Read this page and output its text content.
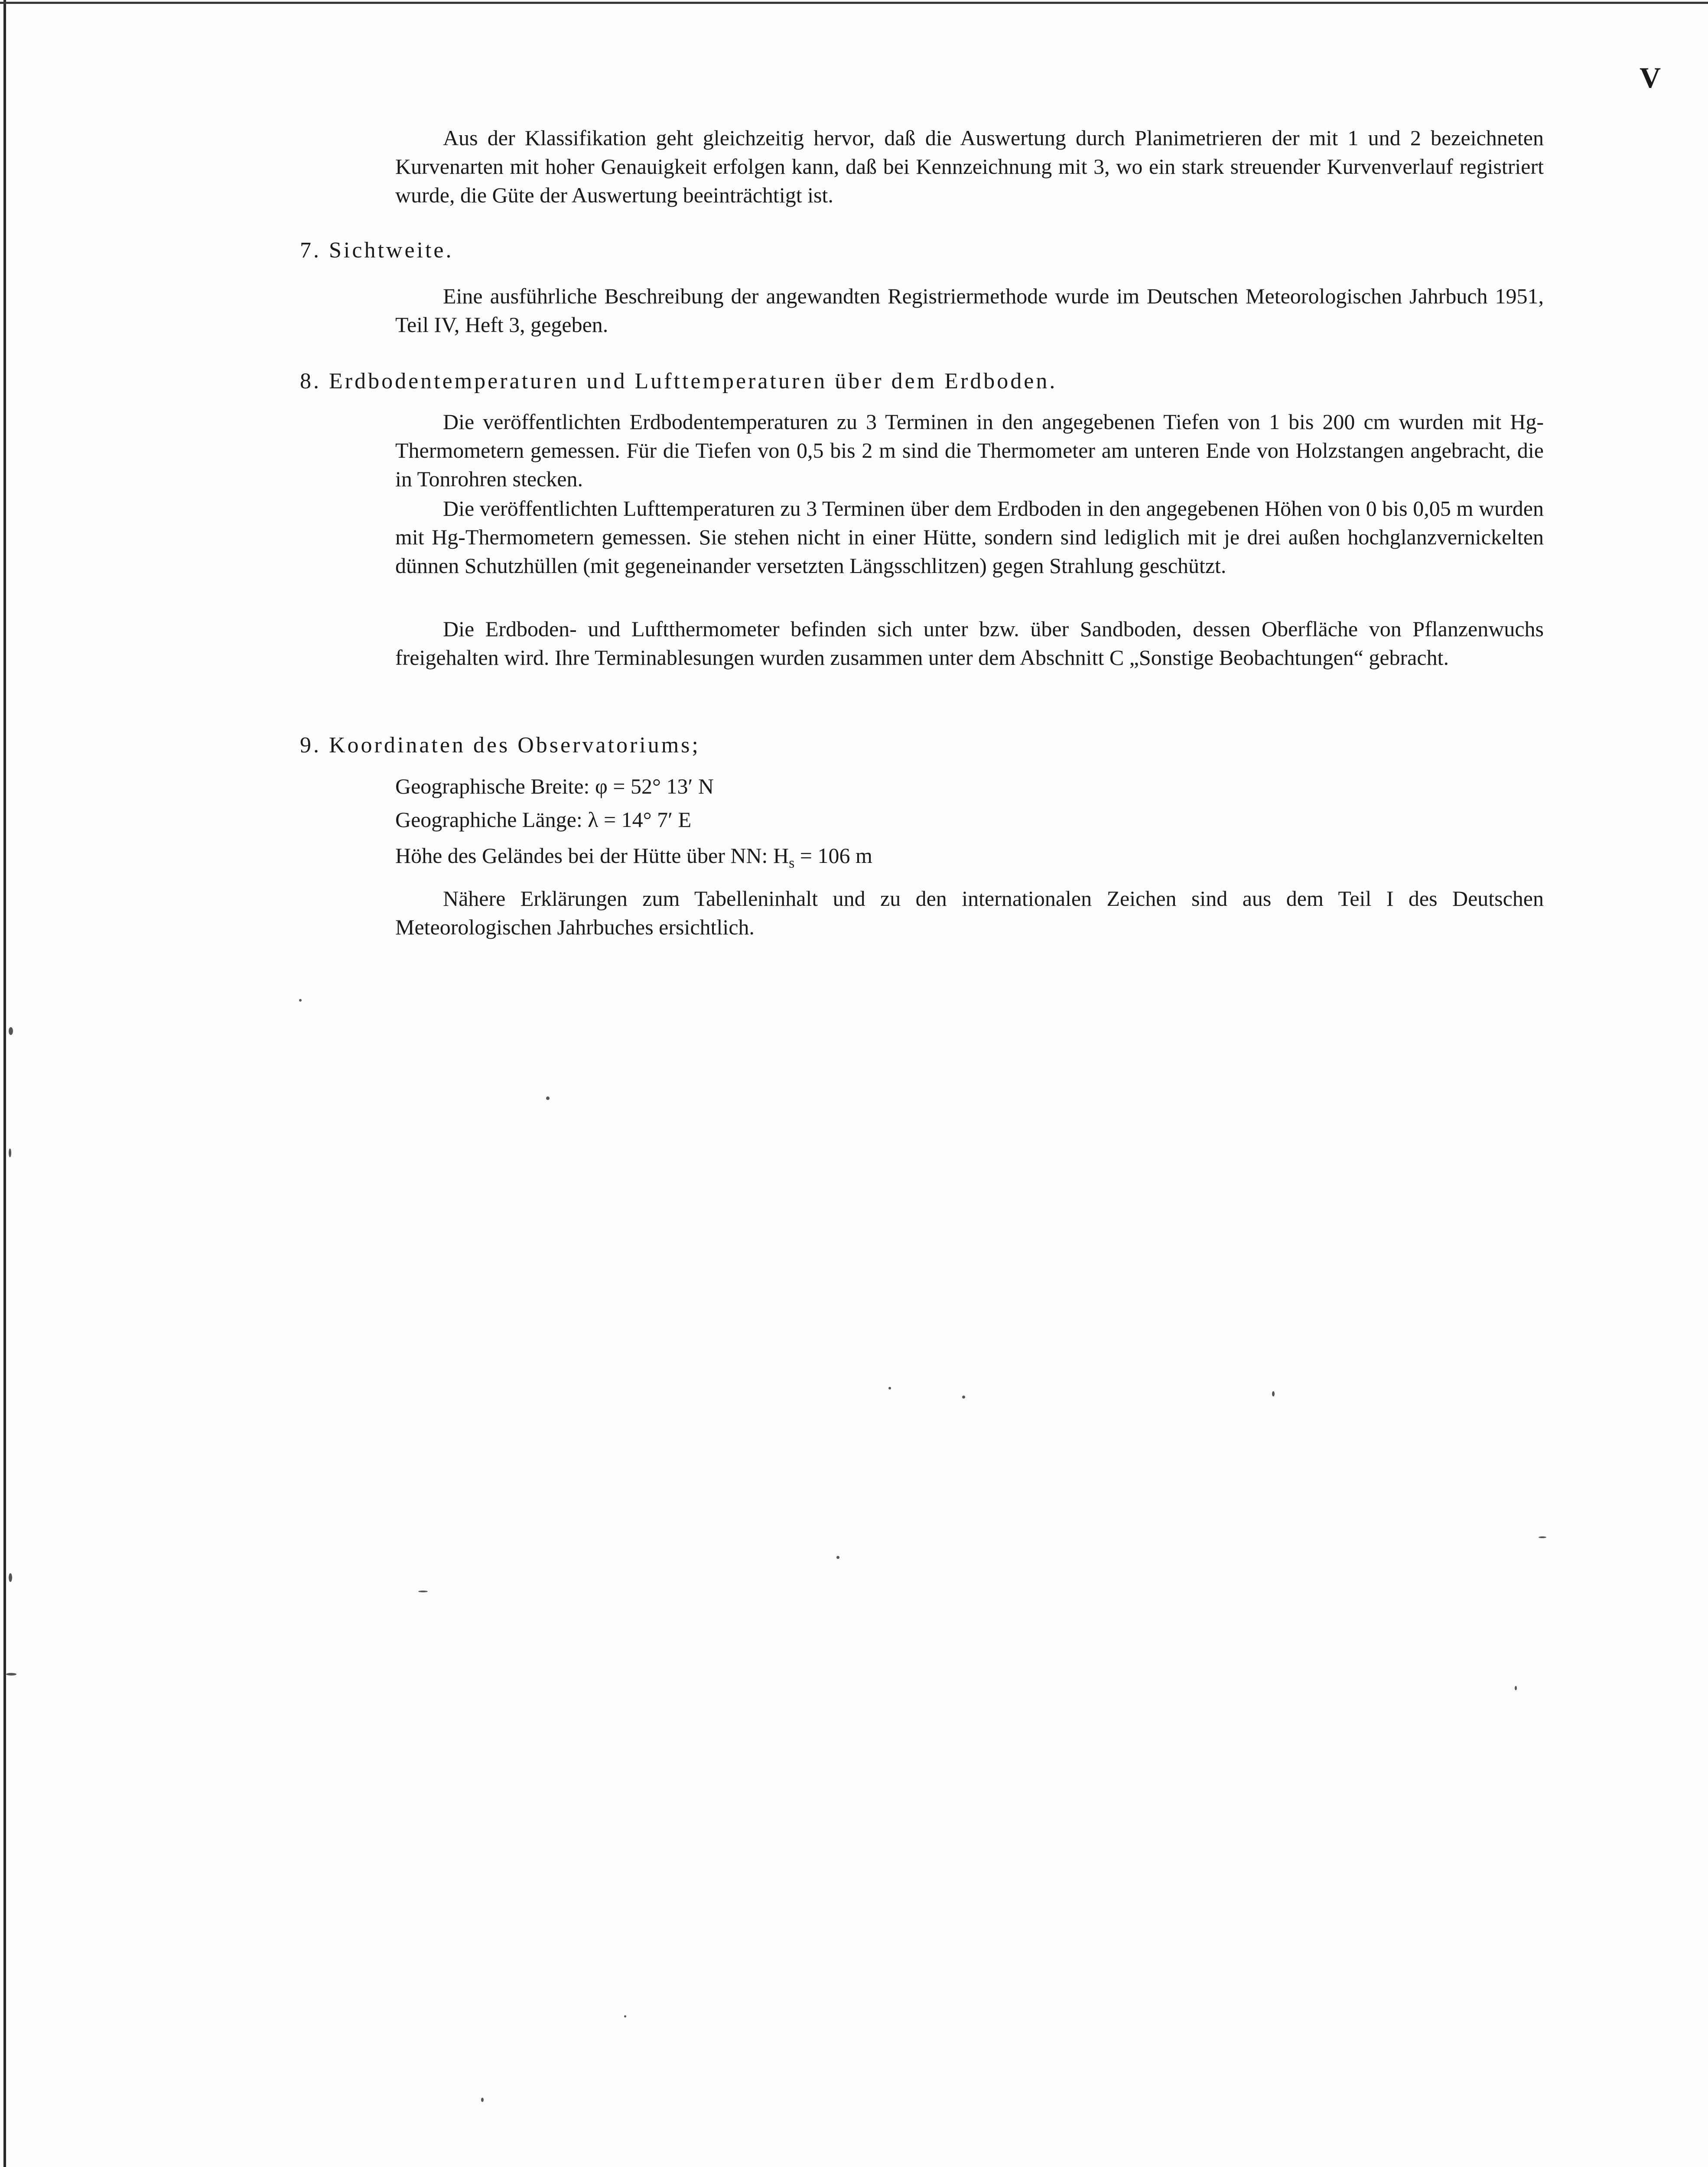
V
Aus der Klassifikation geht gleichzeitig hervor, daß die Auswertung durch Planimetrieren der mit 1 und 2 bezeichneten Kurvenarten mit hoher Genauigkeit erfolgen kann, daß bei Kennzeichnung mit 3, wo ein stark streuender Kurvenverlauf registriert wurde, die Güte der Auswertung beeinträchtigt ist.
7. Sichtweite.
Eine ausführliche Beschreibung der angewandten Registriermethode wurde im Deutschen Meteorologischen Jahrbuch 1951, Teil IV, Heft 3, gegeben.
8. Erdbodentemperaturen und Lufttemperaturen über dem Erdboden.
Die veröffentlichten Erdbodentemperaturen zu 3 Terminen in den angegebenen Tiefen von 1 bis 200 cm wurden mit Hg-Thermometern gemessen. Für die Tiefen von 0,5 bis 2 m sind die Thermometer am unteren Ende von Holzstangen angebracht, die in Tonrohren stecken.
Die veröffentlichten Lufttemperaturen zu 3 Terminen über dem Erdboden in den angegebenen Höhen von 0 bis 0,05 m wurden mit Hg-Thermometern gemessen. Sie stehen nicht in einer Hütte, sondern sind lediglich mit je drei außen hochglanzvernickelten dünnen Schutzhüllen (mit gegeneinander versetzten Längsschlitzen) gegen Strahlung geschützt.
Die Erdboden- und Luftthermometer befinden sich unter bzw. über Sandboden, dessen Oberfläche von Pflanzenwuchs freigehalten wird. Ihre Terminablesungen wurden zusammen unter dem Abschnitt C „Sonstige Beobachtungen“ gebracht.
9. Koordinaten des Observatoriums;
Geographische Breite: φ = 52° 13′ N
Geographiche Länge: λ = 14° 7′ E
Höhe des Geländes bei der Hütte über NN: $H_s = 106$ m
Nähere Erklärungen zum Tabelleninhalt und zu den internationalen Zeichen sind aus dem Teil I des Deutschen Meteorologischen Jahrbuches ersichtlich.
